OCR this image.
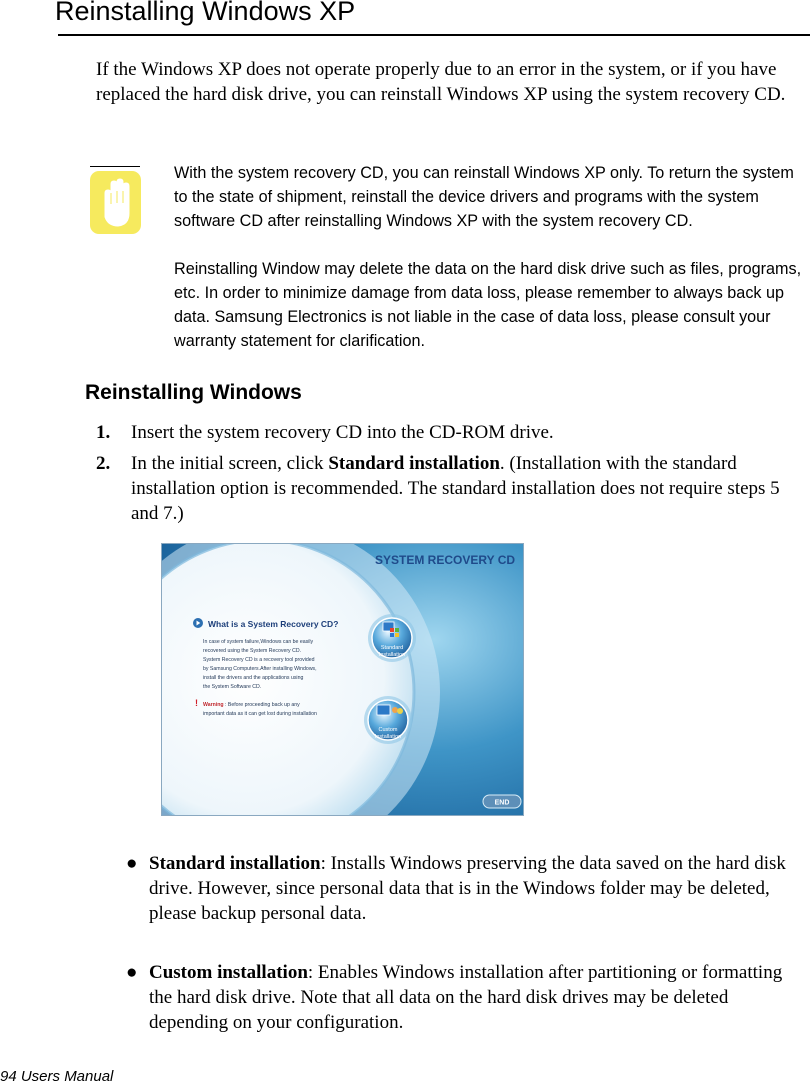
Reinstalling Windows XP
If the Windows XP does not operate properly due to an error in the system, or if you have replaced the hard disk drive, you can reinstall Windows XP using the system recovery CD.
With the system recovery CD, you can reinstall Windows XP only. To return the system to the state of shipment, reinstall the device drivers and programs with the system software CD after reinstalling Windows XP with the system recovery CD.
Reinstalling Window may delete the data on the hard disk drive such as files, programs, etc. In order to minimize damage from data loss, please remember to always back up data. Samsung Electronics is not liable in the case of data loss, please consult your warranty statement for clarification.
Reinstalling Windows
1. Insert the system recovery CD into the CD-ROM drive.
2. In the initial screen, click Standard installation. (Installation with the standard installation option is recommended. The standard installation does not require steps 5 and 7.)
SYSTEM RECOVERY CD
What is a System Recovery CD?
In case of system failure,Windows can be easily
recovered using the System Recovery CD.
System Recovery CD is a recovery tool provided
by Samsung Computers.After installing Windows,
install the drivers and the applications using
the System Software CD.
! Warning : Before proceeding back up any
important data as it can get lost during installation
Standard
Installation
Custom
Installation
END
● Standard installation: Installs Windows preserving the data saved on the hard disk drive. However, since personal data that is in the Windows folder may be deleted, please backup personal data.
● Custom installation: Enables Windows installation after partitioning or formatting the hard disk drive. Note that all data on the hard disk drives may be deleted depending on your configuration.
94 Users Manual
